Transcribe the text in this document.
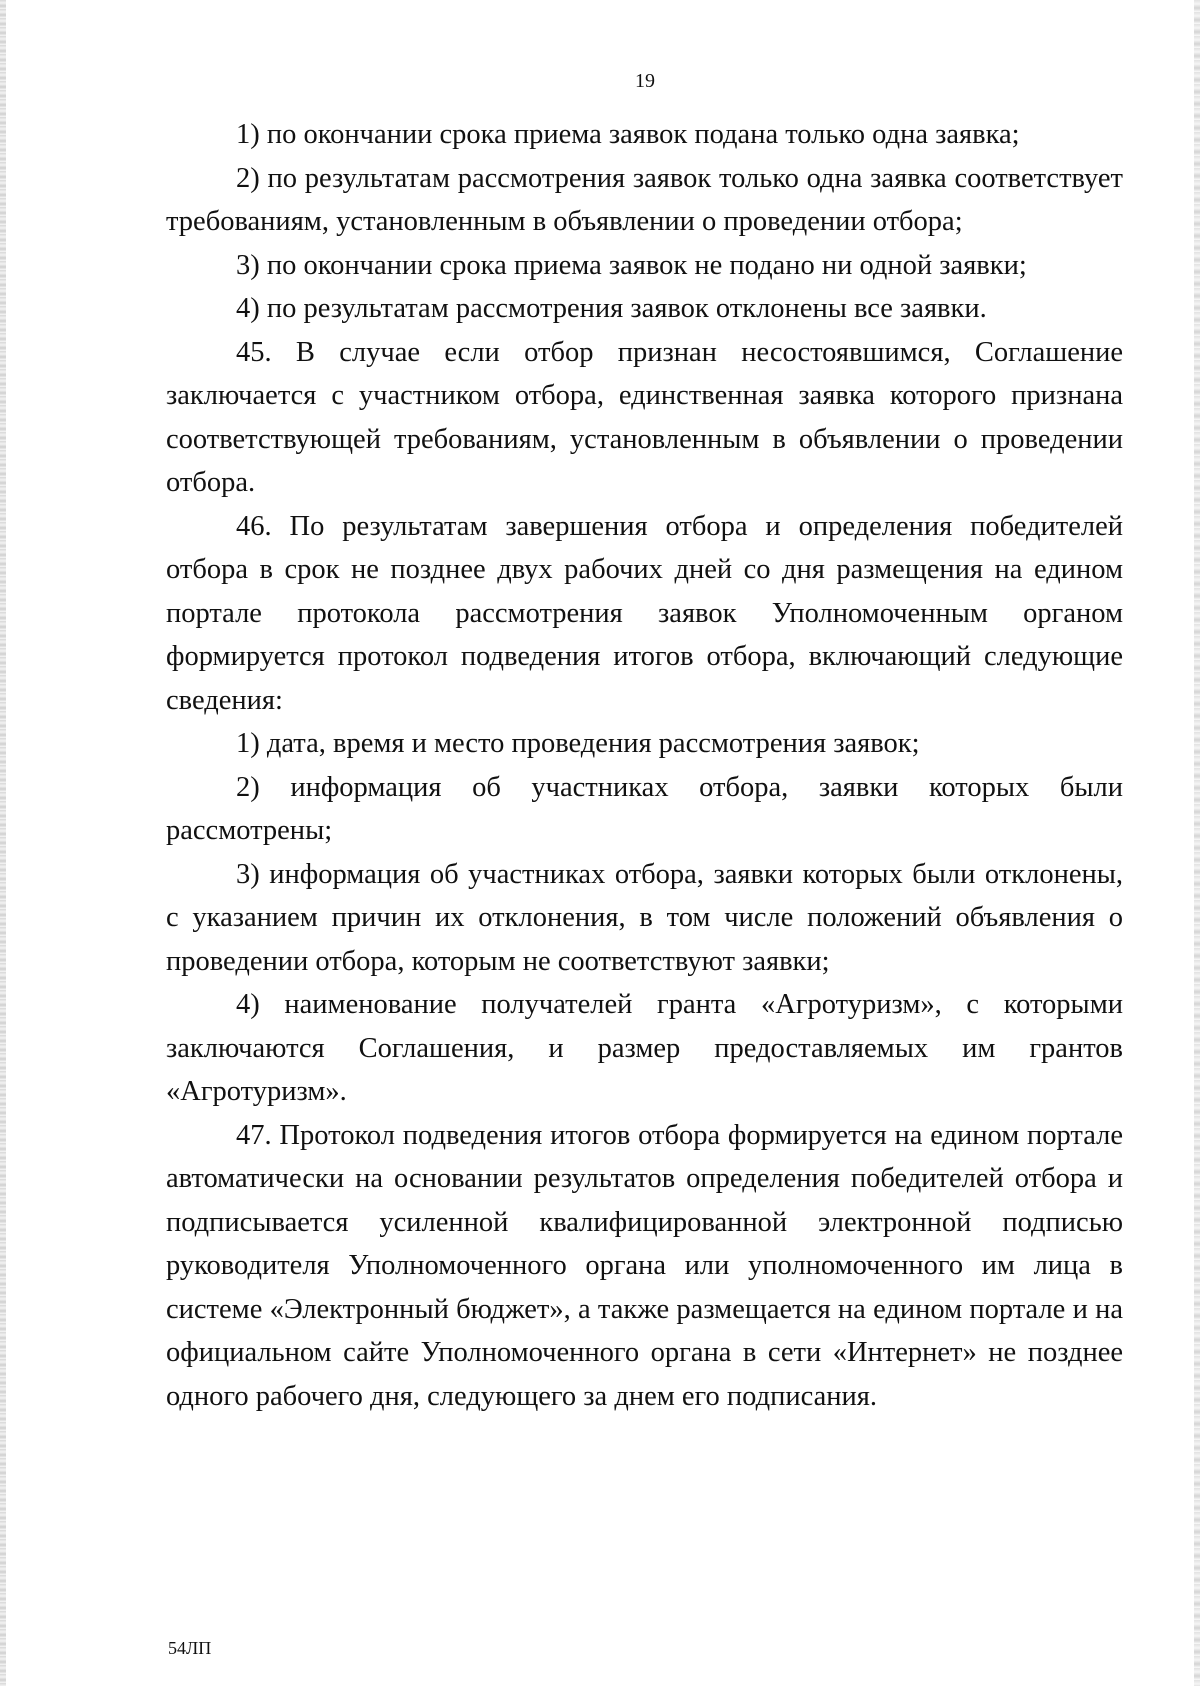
19

1) по окончании срока приема заявок подана только одна заявка;

2) по результатам рассмотрения заявок только одна заявка соответствует требованиям, установленным в объявлении о проведении отбора;

3) по окончании срока приема заявок не подано ни одной заявки;

4) по результатам рассмотрения заявок отклонены все заявки.

45. В случае если отбор признан несостоявшимся, Соглашение заключается с участником отбора, единственная заявка которого признана соответствующей требованиям, установленным в объявлении о проведении отбора.

46. По результатам завершения отбора и определения победителей отбора в срок не позднее двух рабочих дней со дня размещения на едином портале протокола рассмотрения заявок Уполномоченным органом формируется протокол подведения итогов отбора, включающий следующие сведения:

1) дата, время и место проведения рассмотрения заявок;

2) информация об участниках отбора, заявки которых были рассмотрены;

3) информация об участниках отбора, заявки которых были отклонены, с указанием причин их отклонения, в том числе положений объявления о проведении отбора, которым не соответствуют заявки;

4) наименование получателей гранта «Агротуризм», с которыми заключаются Соглашения, и размер предоставляемых им грантов «Агротуризм».

47. Протокол подведения итогов отбора формируется на едином портале автоматически на основании результатов определения победителей отбора и подписывается усиленной квалифицированной электронной подписью руководителя Уполномоченного органа или уполномоченного им лица в системе «Электронный бюджет», а также размещается на едином портале и на официальном сайте Уполномоченного органа в сети «Интернет» не позднее одного рабочего дня, следующего за днем его подписания.

54ЛП
